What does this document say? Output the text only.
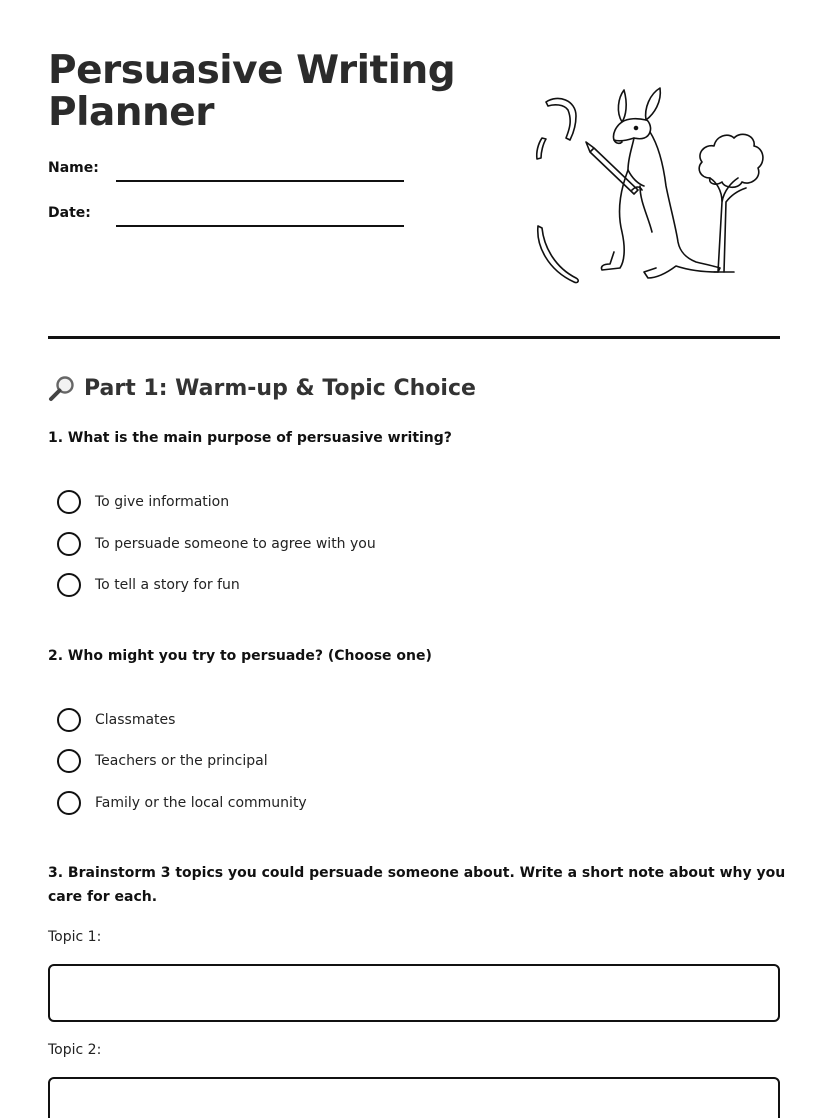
Persuasive Writing
Planner
Name:
Date:
Part 1: Warm-up & Topic Choice
1. What is the main purpose of persuasive writing?
To give information
To persuade someone to agree with you
To tell a story for fun
2. Who might you try to persuade? (Choose one)
Classmates
Teachers or the principal
Family or the local community
3. Brainstorm 3 topics you could persuade someone about. Write a short note about why you care for each.
Topic 1:
Topic 2:
